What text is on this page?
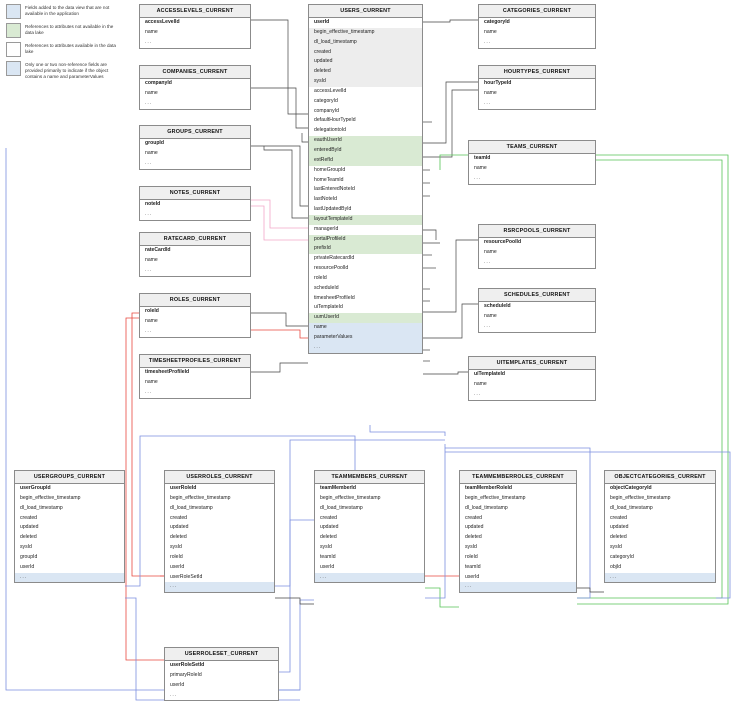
Fields added to the data view that are not available in the application
References to attributes not available in the data lake
References to attributes available in the data lake
Only one or two non-reference fields are provided primarily to indicate if the object contains a name and parameterValues
ACCESSLEVELS_CURRENT
accessLevelId
name
...
COMPANIES_CURRENT
companyId
name
...
GROUPS_CURRENT
groupId
name
...
NOTES_CURRENT
noteId
...
RATECARD_CURRENT
rateCardId
name
...
ROLES_CURRENT
roleId
name
...
TIMESHEETPROFILES_CURRENT
timesheetProfileId
name
...
USERS_CURRENT
userId
begin_effective_timestamp
dl_load_timestamp
created
updated
deleted
sysId
accessLevelId
categoryId
companyId
defaultHourTypeId
delegationtoId
eauthUserId
enteredById
extRefId
homeGroupId
homeTeamId
lastEnteredNoteId
lastNoteId
lastUpdatedById
layoutTemplateId
managerId
portalProfileId
prefixId
privateRatecardId
resourcePoolId
roleId
scheduleId
timesheetProfileId
uiTemplateId
uumUserId
name
parameterValues
...
CATEGORIES_CURRENT
categoryId
name
...
HOURTYPES_CURRENT
hourTypeId
name
...
TEAMS_CURRENT
teamId
name
...
RSRCPOOLS_CURRENT
resourcePoolId
name
...
SCHEDULES_CURRENT
scheduleId
name
...
UITEMPLATES_CURRENT
uiTemplateId
name
...
USERGROUPS_CURRENT
userGroupId
begin_effective_timestamp
dl_load_timestamp
created
updated
deleted
sysId
groupId
userId
...
USERROLES_CURRENT
userRoleId
begin_effective_timestamp
dl_load_timestamp
created
updated
deleted
sysId
roleId
userId
userRoleSetId
...
TEAMMEMBERS_CURRENT
teamMemberId
begin_effective_timestamp
dl_load_timestamp
created
updated
deleted
sysId
teamId
userId
...
TEAMMEMBERROLES_CURRENT
teamMemberRoleId
begin_effective_timestamp
dl_load_timestamp
created
updated
deleted
sysId
roleId
teamId
userId
...
OBJECTCATEGORIES_CURRENT
objectCategoryId
begin_effective_timestamp
dl_load_timestamp
created
updated
deleted
sysId
categoryId
objId
...
USERROLESET_CURRENT
userRoleSetId
primaryRoleId
userId
...
